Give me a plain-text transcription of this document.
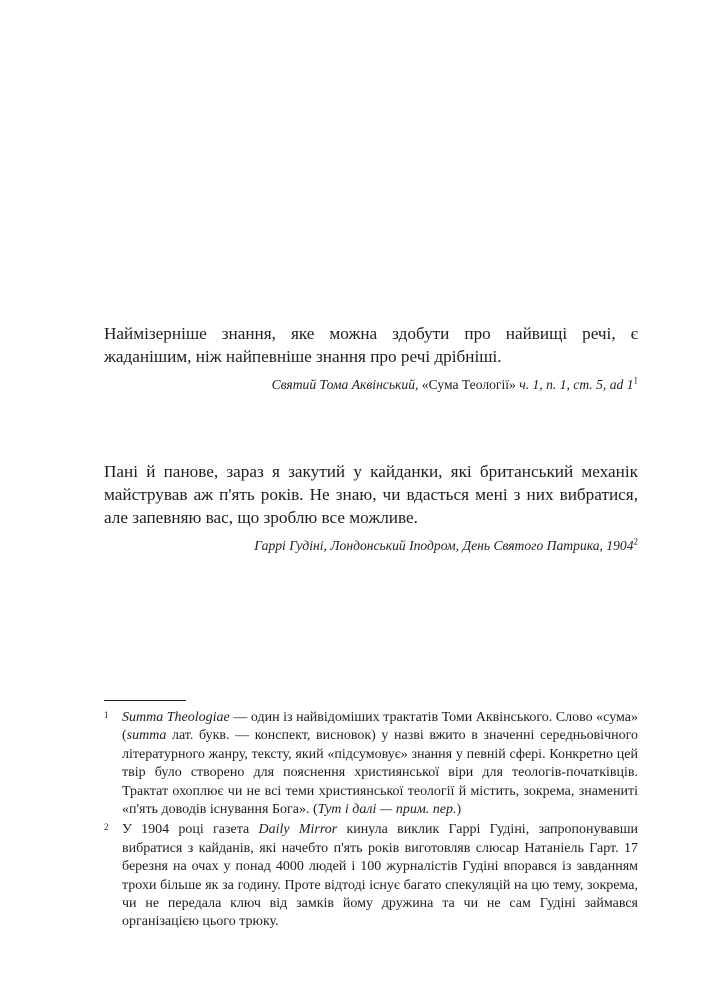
Наймізерніше знання, яке можна здобути про найвищі речі, є жаданішим, ніж найпевніше знання про речі дрібніші.

Святий Тома Аквінський, «Сума Теології» ч. 1, п. 1, ст. 5, ad $1^1$

Пані й панове, зараз я закутий у кайданки, які британський механік майстрував аж п'ять років. Не знаю, чи вдасться мені з них вибратися, але запевняю вас, що зроблю все можливе.

Гаррі Гудіні, Лондонський Іподром, День Святого Патрика, 1904$^2$

1 Summa Theologiae — один із найвідоміших трактатів Томи Аквінського. Слово «сума» (summa лат. букв. — конспект, висновок) у назві вжито в значенні середньовічного літературного жанру, тексту, який «підсумовує» знання у певній сфері. Конкретно цей твір було створено для пояснення християнської віри для теологів-початківців. Трактат охоплює чи не всі теми християнської теології й містить, зокрема, знамениті «п'ять доводів існування Бога». (Тут і далі — прим. пер.)

2 У 1904 році газета Daily Mirror кинула виклик Гаррі Гудіні, запропонувавши вибратися з кайданів, які начебто п'ять років виготовляв слюсар Натаніель Гарт. 17 березня на очах у понад 4000 людей і 100 журналістів Гудіні впорався із завданням трохи більше як за годину. Проте відтоді існує багато спекуляцій на цю тему, зокрема, чи не передала ключ від замків йому дружина та чи не сам Гудіні займався організацією цього трюку.
